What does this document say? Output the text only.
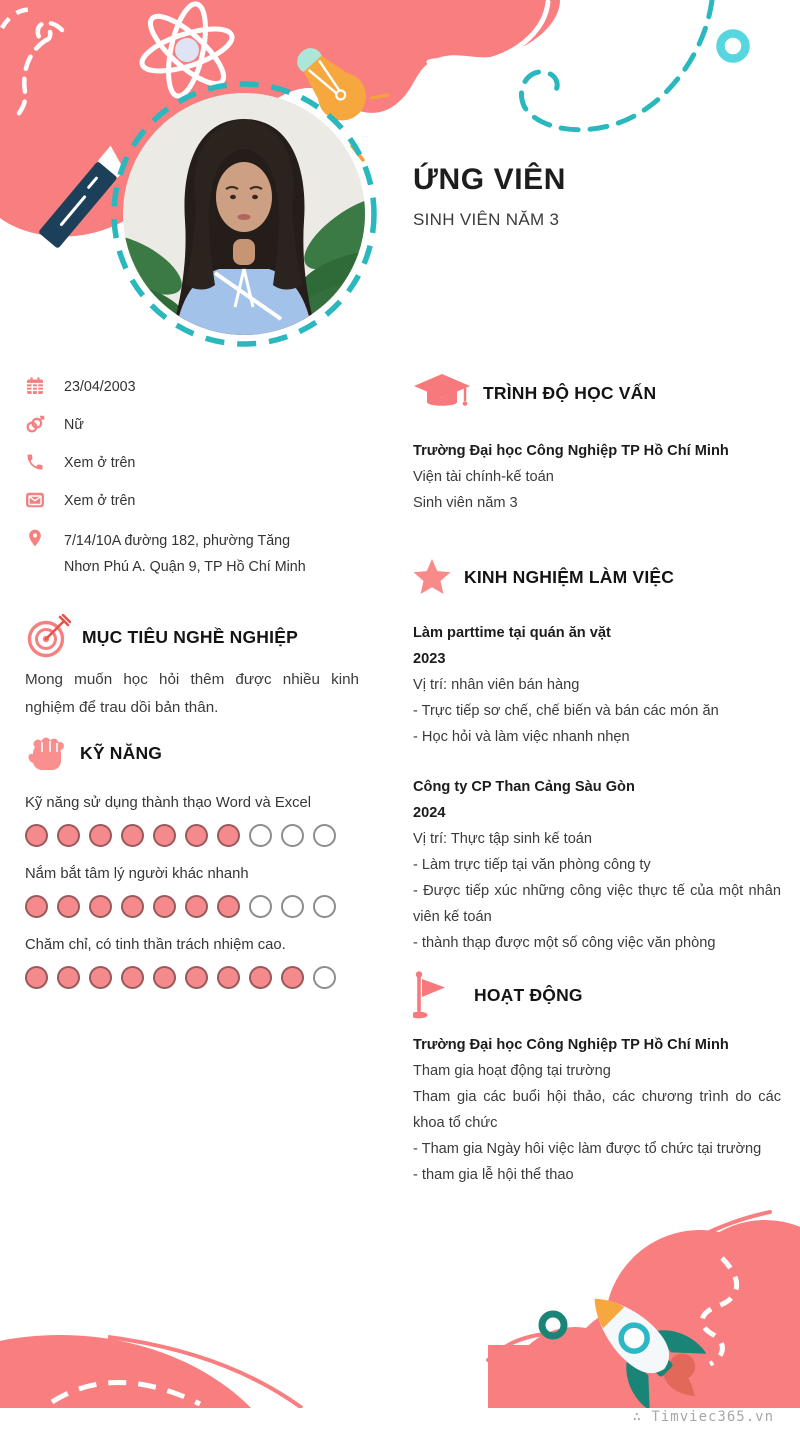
ỨNG VIÊN
SINH VIÊN NĂM 3
23/04/2003
Nữ
Xem ở trên
Xem ở trên
7/14/10A đường 182, phường Tăng Nhơn Phú A. Quận 9, TP Hồ Chí Minh
MỤC TIÊU NGHỀ NGHIỆP
Mong muốn học hỏi thêm được nhiều kinh nghiệm để trau dồi bản thân.
KỸ NĂNG
Kỹ năng sử dụng thành thạo Word và Excel
Nắm bắt tâm lý người khác nhanh
Chăm chỉ, có tinh thần trách nhiệm cao.
TRÌNH ĐỘ HỌC VẤN
Trường Đại học Công Nghiệp TP Hồ Chí Minh
Viện tài chính-kế toán
Sinh viên năm 3
KINH NGHIỆM LÀM VIỆC
Làm parttime tại quán ăn vặt
2023
Vị trí: nhân viên bán hàng
- Trực tiếp sơ chế, chế biến và bán các món ăn
- Học hỏi và làm việc nhanh nhẹn
Công ty CP Than Cảng Sàu Gòn
2024
Vị trí: Thực tập sinh kế toán
- Làm trực tiếp tại văn phòng công ty
- Được tiếp xúc những công việc thực tế của một nhân viên kế toán
- thành thạp được một số công việc văn phòng
HOẠT ĐỘNG
Trường Đại học Công Nghiệp TP Hồ Chí Minh
Tham gia hoạt động tại trường
Tham gia các buổi hội thảo, các chương trình do các khoa tổ chức
- Tham gia Ngày hôi việc làm được tổ chức tại trường
- tham gia lễ hội thể thao
∴ Timviec365.vn
